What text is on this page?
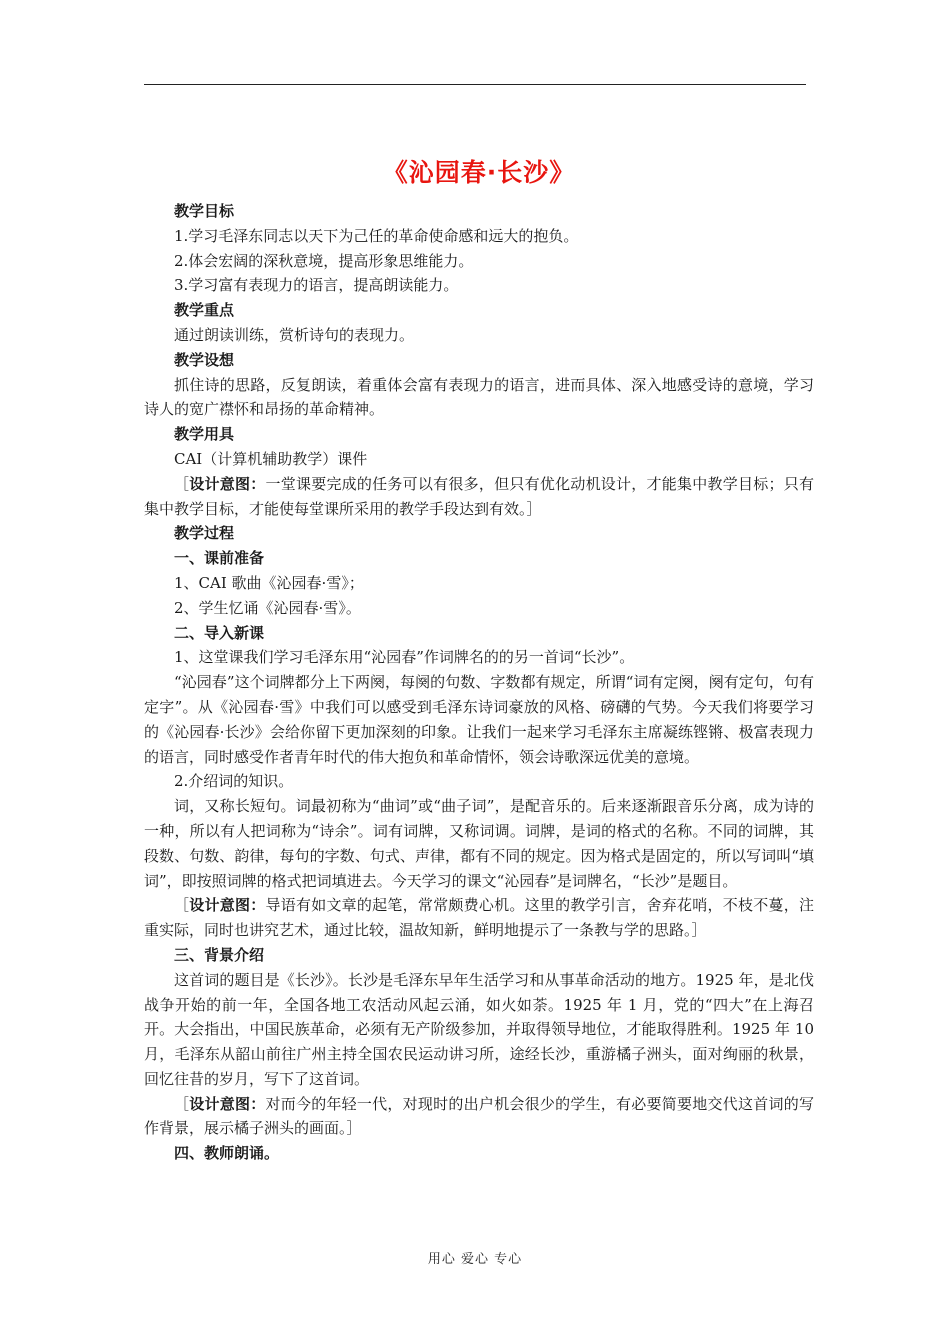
《沁园春·长沙》

教学目标

1.学习毛泽东同志以天下为己任的革命使命感和远大的抱负。

2.体会宏阔的深秋意境，提高形象思维能力。

3.学习富有表现力的语言，提高朗读能力。

教学重点

通过朗读训练，赏析诗句的表现力。

教学设想

抓住诗的思路，反复朗读，着重体会富有表现力的语言，进而具体、深入地感受诗的意境，学习诗人的宽广襟怀和昂扬的革命精神。

教学用具

CAI（计算机辅助教学）课件

［设计意图：一堂课要完成的任务可以有很多，但只有优化动机设计，才能集中教学目标；只有集中教学目标，才能使每堂课所采用的教学手段达到有效。］

教学过程

一、课前准备

1、CAI 歌曲《沁园春·雪》；

2、学生忆诵《沁园春·雪》。

二、导入新课

1、这堂课我们学习毛泽东用“沁园春”作词牌名的的另一首词“长沙”。

“沁园春”这个词牌都分上下两阕，每阕的句数、字数都有规定，所谓“词有定阕，阕有定句，句有定字”。从《沁园春·雪》中我们可以感受到毛泽东诗词豪放的风格、磅礴的气势。今天我们将要学习的《沁园春·长沙》会给你留下更加深刻的印象。让我们一起来学习毛泽东主席凝练铿锵、极富表现力的语言，同时感受作者青年时代的伟大抱负和革命情怀，领会诗歌深远优美的意境。

2.介绍词的知识。

词，又称长短句。词最初称为“曲词”或“曲子词”，是配音乐的。后来逐渐跟音乐分离，成为诗的一种，所以有人把词称为“诗余”。词有词牌，又称词调。词牌，是词的格式的名称。不同的词牌，其段数、句数、韵律，每句的字数、句式、声律，都有不同的规定。因为格式是固定的，所以写词叫“填词”，即按照词牌的格式把词填进去。今天学习的课文“沁园春”是词牌名，“长沙”是题目。

［设计意图：导语有如文章的起笔，常常颇费心机。这里的教学引言，舍弃花哨，不枝不蔓，注重实际，同时也讲究艺术，通过比较，温故知新，鲜明地提示了一条教与学的思路。］

三、背景介绍

这首词的题目是《长沙》。长沙是毛泽东早年生活学习和从事革命活动的地方。1925 年，是北伐战争开始的前一年，全国各地工农活动风起云涌，如火如荼。1925 年 1 月，党的“四大”在上海召开。大会指出，中国民族革命，必须有无产阶级参加，并取得领导地位，才能取得胜利。1925 年 10 月，毛泽东从韶山前往广州主持全国农民运动讲习所，途经长沙，重游橘子洲头，面对绚丽的秋景，回忆往昔的岁月，写下了这首词。

［设计意图：对而今的年轻一代，对现时的出户机会很少的学生，有必要简要地交代这首词的写作背景，展示橘子洲头的画面。］

四、教师朗诵。

用心 爱心 专心
